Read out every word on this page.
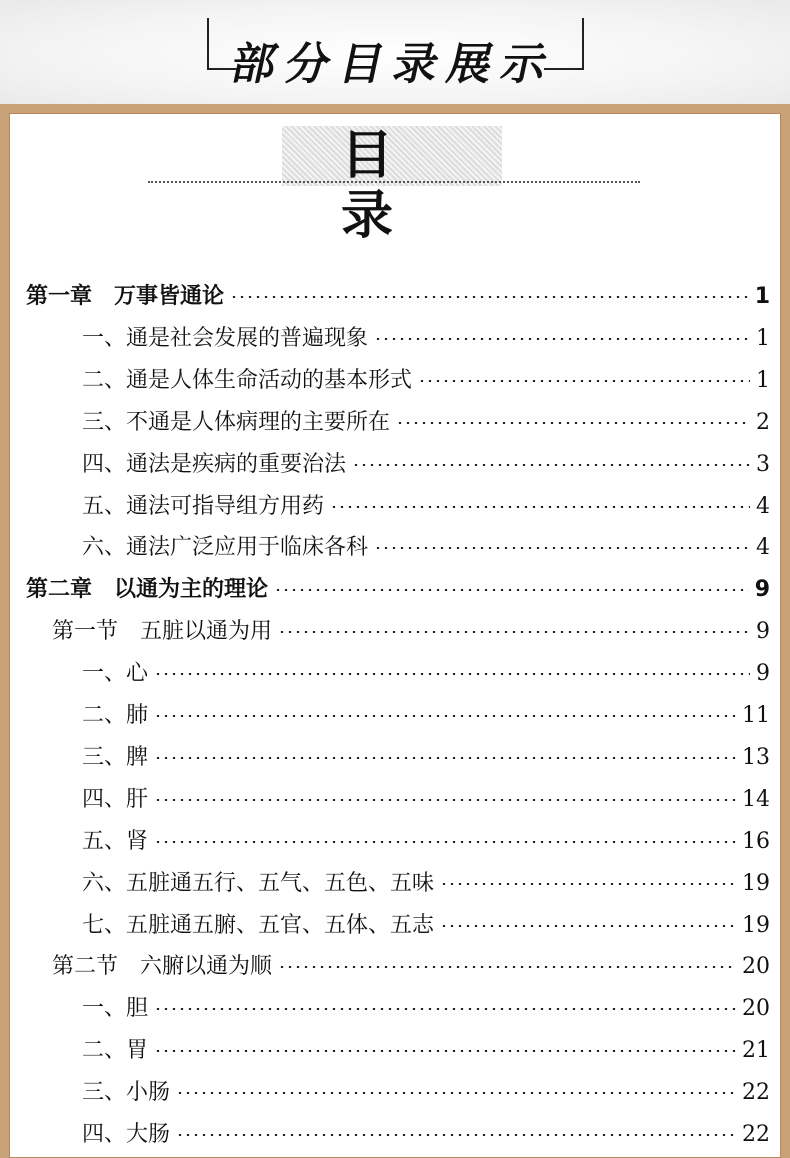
部分目录展示
目 录
第一章　万事皆通论	1
一、通是社会发展的普遍现象	1
二、通是人体生命活动的基本形式	1
三、不通是人体病理的主要所在	2
四、通法是疾病的重要治法	3
五、通法可指导组方用药	4
六、通法广泛应用于临床各科	4
第二章　以通为主的理论	9
第一节　五脏以通为用	9
一、心	9
二、肺	11
三、脾	13
四、肝	14
五、肾	16
六、五脏通五行、五气、五色、五味	19
七、五脏通五腑、五官、五体、五志	19
第二节　六腑以通为顺	20
一、胆	20
二、胃	21
三、小肠	22
四、大肠	22
